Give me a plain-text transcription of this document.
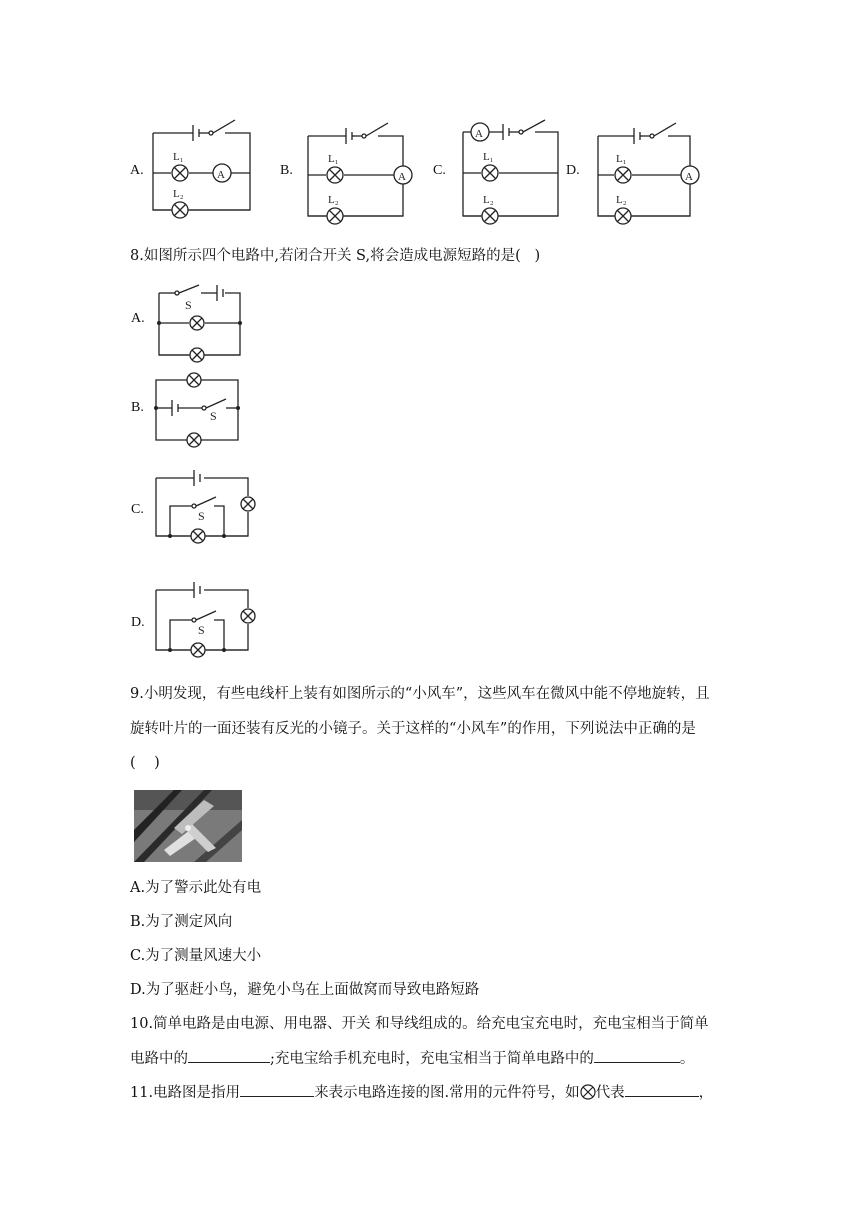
A.	B.	C.	D.
A
L₁
L₂
A
L₁
L₂
A
L₁
L₂
A
L₁
L₂
8.如图所示四个电路中,若闭合开关 S,将会造成电源短路的是(   )
A.
S
B.
S
C.	S
D.	S
9.小明发现，有些电线杆上装有如图所示的“小风车”，这些风车在微风中能不停地旋转，且
旋转叶片的一面还装有反光的小镜子。关于这样的“小风车”的作用，下列说法中正确的是
(    )
A.为了警示此处有电
B.为了测定风向
C.为了测量风速大小
D.为了驱赶小鸟，避免小鸟在上面做窝而导致电路短路
10.简单电路是由电源、用电器、开关 和导线组成的。给充电宝充电时，充电宝相当于简单
电路中的	;充电宝给手机充电时，充电宝相当于简单电路中的	。
11.电路图是指用	来表示电路连接的图.常用的元件符号，如 代表	，
